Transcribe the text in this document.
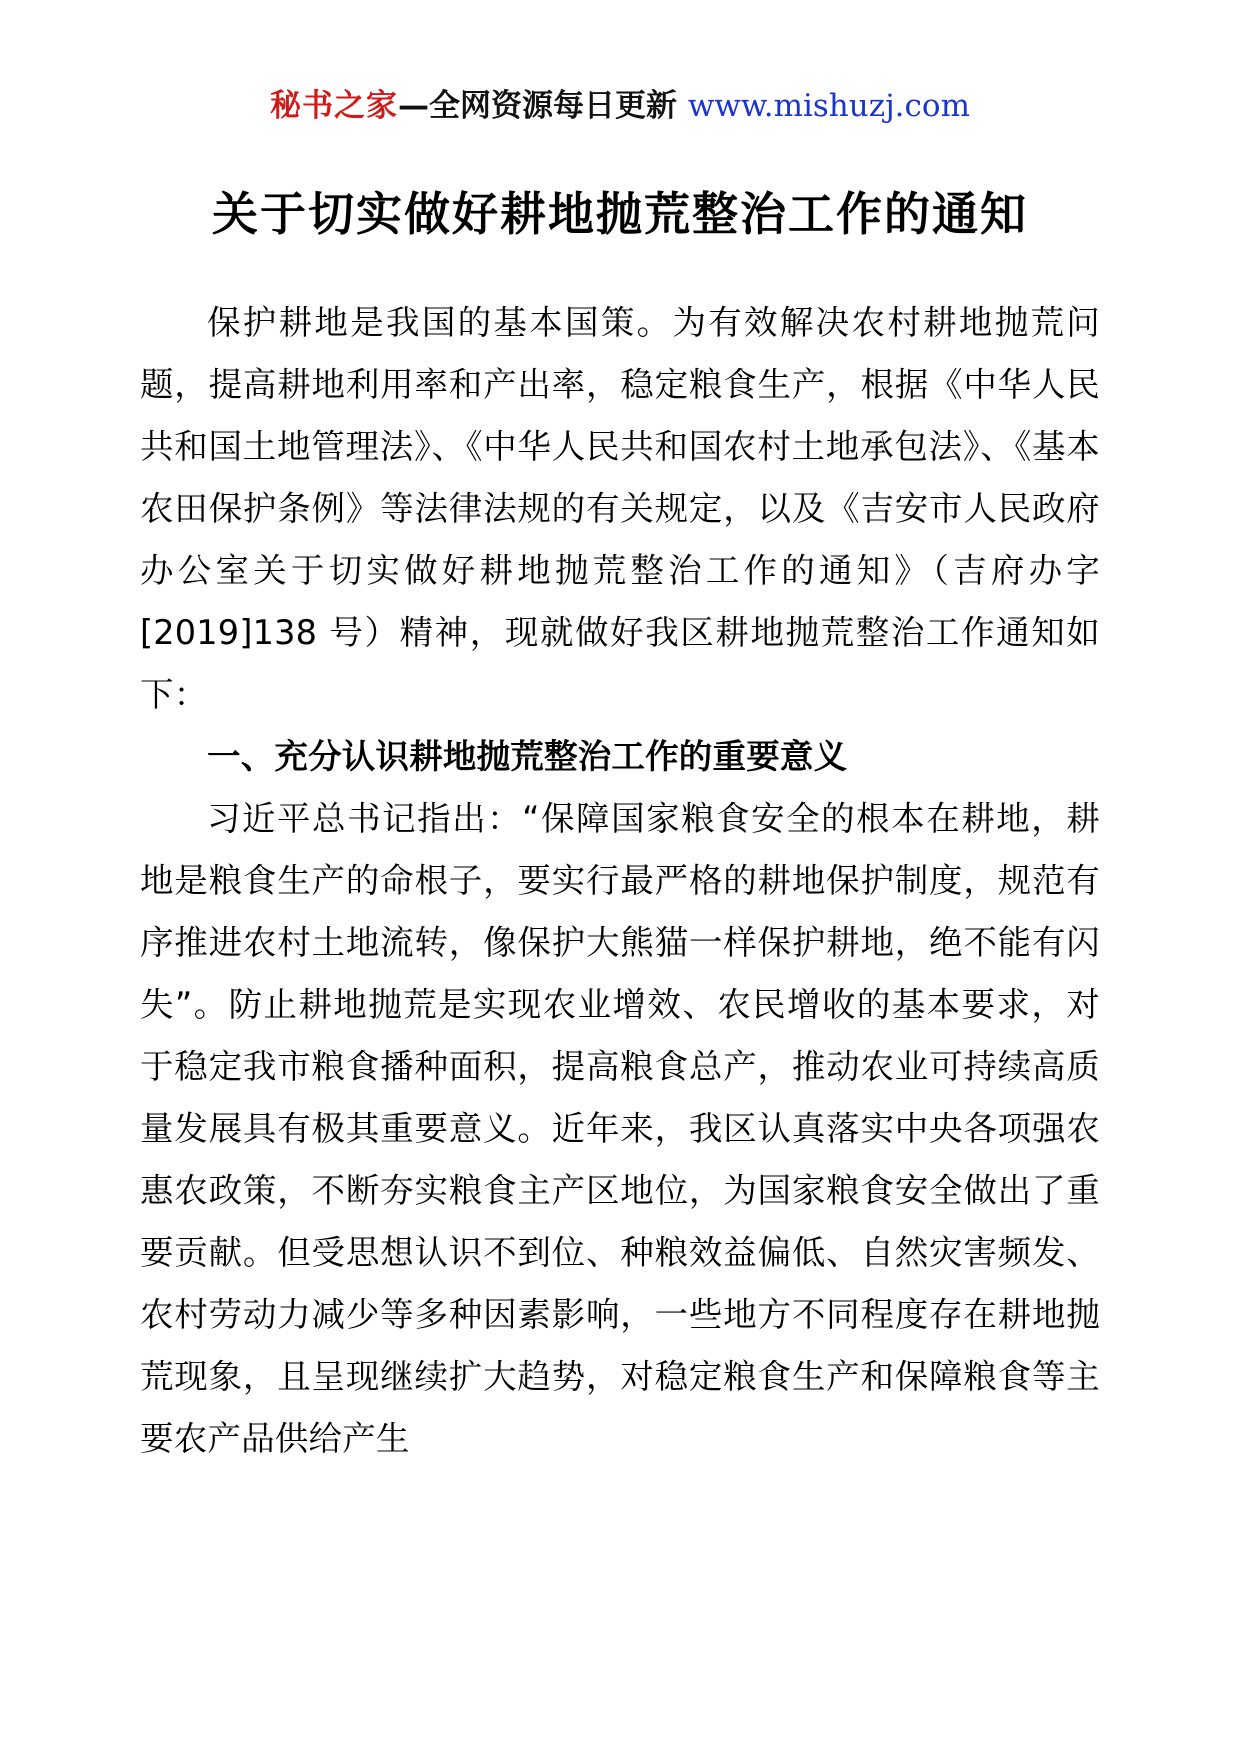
秘书之家—全网资源每日更新 www.mishuzj.com
关于切实做好耕地抛荒整治工作的通知

保护耕地是我国的基本国策。为有效解决农村耕地抛荒问题，提高耕地利用率和产出率，稳定粮食生产，根据《中华人民共和国土地管理法》、《中华人民共和国农村土地承包法》、《基本农田保护条例》等法律法规的有关规定，以及《吉安市人民政府办公室关于切实做好耕地抛荒整治工作的通知》（吉府办字[2019]138 号）精神，现就做好我区耕地抛荒整治工作通知如下：

一、充分认识耕地抛荒整治工作的重要意义

习近平总书记指出：“保障国家粮食安全的根本在耕地，耕地是粮食生产的命根子，要实行最严格的耕地保护制度，规范有序推进农村土地流转，像保护大熊猫一样保护耕地，绝不能有闪失”。防止耕地抛荒是实现农业增效、农民增收的基本要求，对于稳定我市粮食播种面积，提高粮食总产，推动农业可持续高质量发展具有极其重要意义。近年来，我区认真落实中央各项强农惠农政策，不断夯实粮食主产区地位，为国家粮食安全做出了重要贡献。但受思想认识不到位、种粮效益偏低、自然灾害频发、农村劳动力减少等多种因素影响，一些地方不同程度存在耕地抛荒现象，且呈现继续扩大趋势，对稳定粮食生产和保障粮食等主要农产品供给产生
